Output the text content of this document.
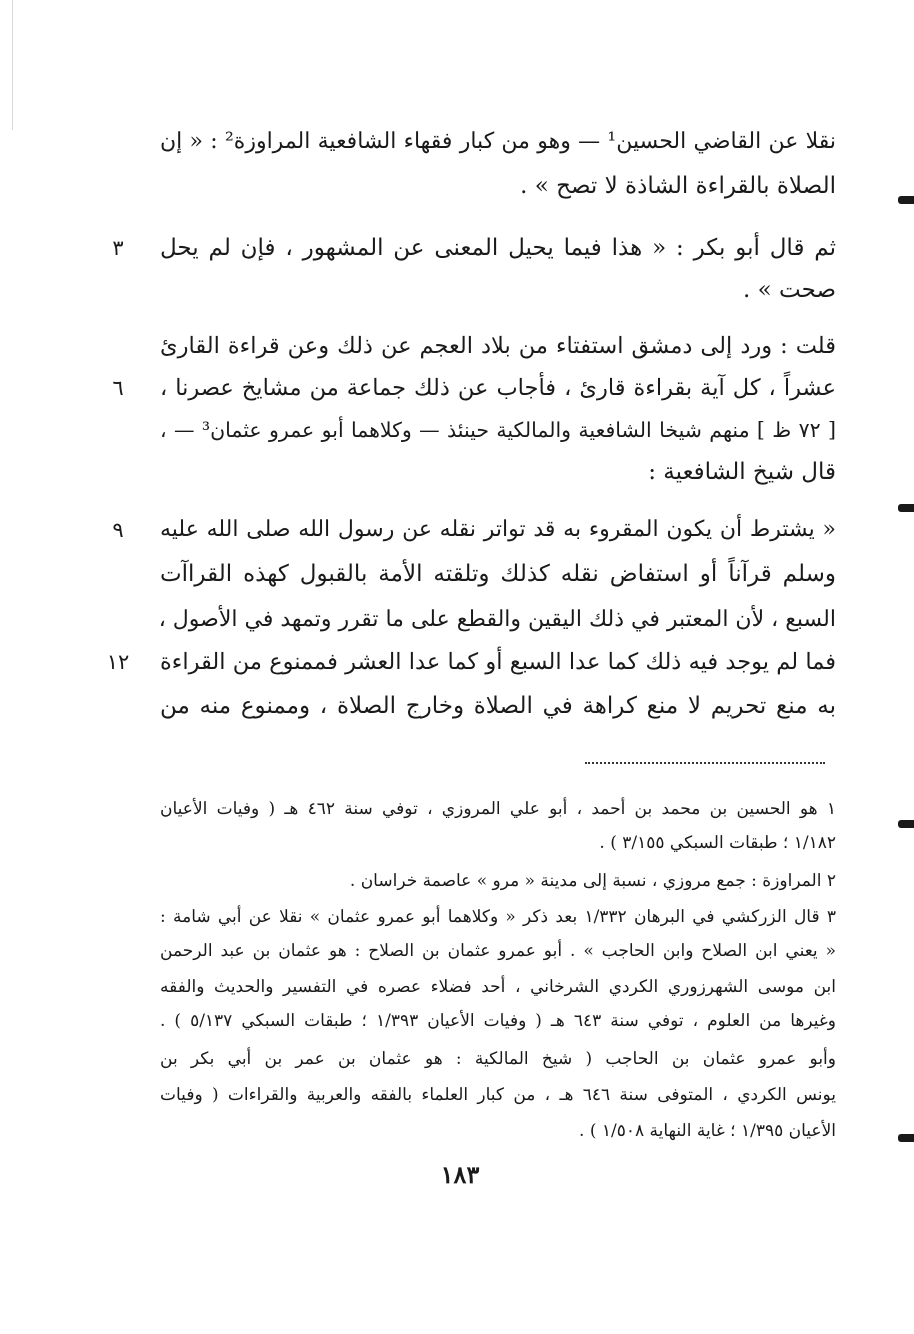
نقلا عن القاضي الحسين¹ — وهو من كبار فقهاء الشافعية المراوزة² : « إن
الصلاة بالقراءة الشاذة لا تصح » .
ثم قال أبو بكر : « هذا فيما يحيل المعنى عن المشهور ، فإن لم يحل
صحت » .
قلت : ورد إلى دمشق استفتاء من بلاد العجم عن ذلك وعن قراءة القارئ
عشراً ، كل آية بقراءة قارئ ، فأجاب عن ذلك جماعة من مشايخ عصرنا ،
[ ٧٢ ظ ] منهم شيخا الشافعية والمالكية حينئذ — وكلاهما أبو عمرو عثمان³ — ،
قال شيخ الشافعية :
« يشترط أن يكون المقروء به قد تواتر نقله عن رسول الله صلى الله عليه
وسلم قرآناً أو استفاض نقله كذلك وتلقته الأمة بالقبول كهذه القراآت
السبع ، لأن المعتبر في ذلك اليقين والقطع على ما تقرر وتمهد في الأصول ،
فما لم يوجد فيه ذلك كما عدا السبع أو كما عدا العشر فممنوع من القراءة
به منع تحريم لا منع كراهة في الصلاة وخارج الصلاة ، وممنوع منه من
٣
٦
٩
١٢
١ هو الحسين بن محمد بن أحمد ، أبو علي المروزي ، توفي سنة ٤٦٢ هـ ( وفيات الأعيان
١/١٨٢ ؛ طبقات السبكي ٣/١٥٥ ) .
٢ المراوزة : جمع مروزي ، نسبة إلى مدينة « مرو » عاصمة خراسان .
٣ قال الزركشي في البرهان ١/٣٣٢ بعد ذكر « وكلاهما أبو عمرو عثمان » نقلا عن أبي شامة :
« يعني ابن الصلاح وابن الحاجب » . أبو عمرو عثمان بن الصلاح : هو عثمان بن عبد الرحمن
ابن موسى الشهرزوري الكردي الشرخاني ، أحد فضلاء عصره في التفسير والحديث والفقه
وغيرها من العلوم ، توفي سنة ٦٤٣ هـ ( وفيات الأعيان ١/٣٩٣ ؛ طبقات السبكي ٥/١٣٧ ) .
وأبو عمرو عثمان بن الحاجب ( شيخ المالكية : هو عثمان بن عمر بن أبي بكر بن
يونس الكردي ، المتوفى سنة ٦٤٦ هـ ، من كبار العلماء بالفقه والعربية والقراءات ( وفيات
الأعيان ١/٣٩٥ ؛ غاية النهاية ١/٥٠٨ ) .
١٨٣
